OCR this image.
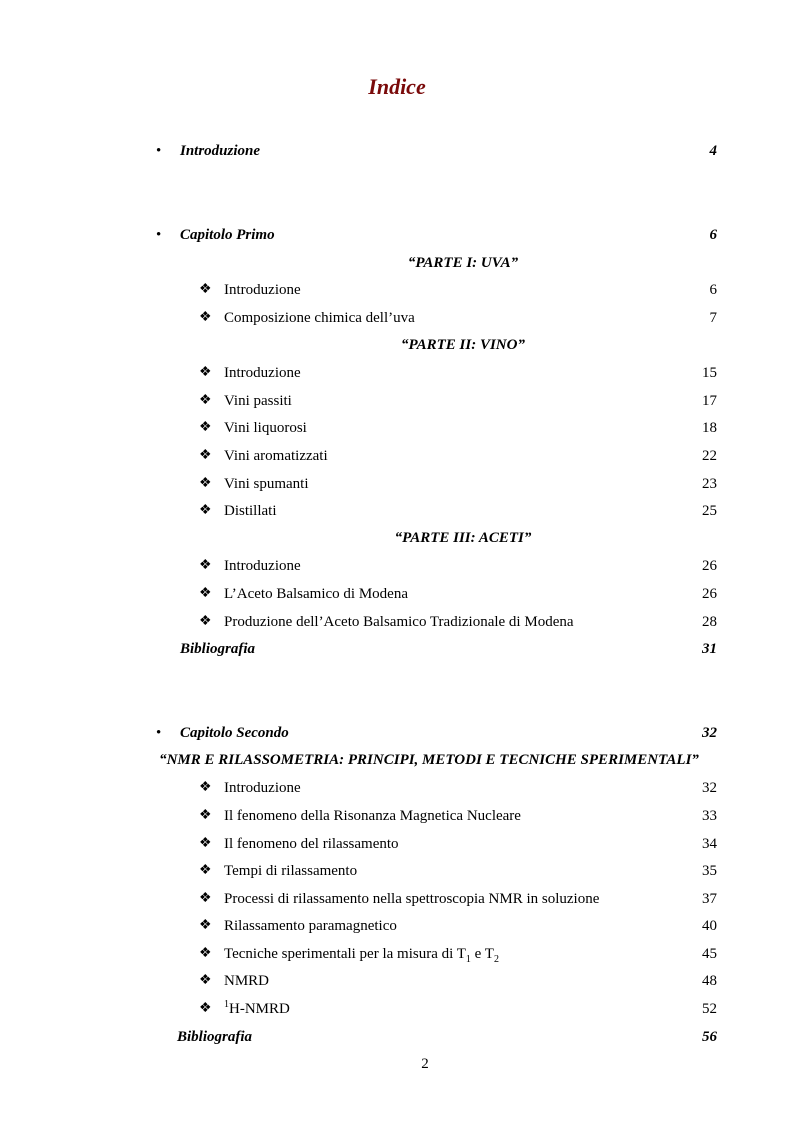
Indice
• Introduzione	4
• Capitolo Primo	6
“PARTE I: UVA”
❖ Introduzione	6
❖ Composizione chimica dell’uva	7
“PARTE II: VINO”
❖ Introduzione	15
❖ Vini passiti	17
❖ Vini liquorosi	18
❖ Vini aromatizzati	22
❖ Vini spumanti	23
❖ Distillati	25
“PARTE III: ACETI”
❖ Introduzione	26
❖ L’Aceto Balsamico di Modena	26
❖ Produzione dell’Aceto Balsamico Tradizionale di Modena	28
Bibliografia	31
• Capitolo Secondo	32
“NMR E RILASSOMETRIA: PRINCIPI, METODI E TECNICHE SPERIMENTALI”
❖ Introduzione	32
❖ Il fenomeno della Risonanza Magnetica Nucleare	33
❖ Il fenomeno del rilassamento	34
❖ Tempi di rilassamento	35
❖ Processi di rilassamento nella spettroscopia NMR in soluzione	37
❖ Rilassamento paramagnetico	40
❖ Tecniche sperimentali per la misura di $T_1$ e $T_2$	45
❖ NMRD	48
❖ $^1$H-NMRD	52
Bibliografia	56
2
